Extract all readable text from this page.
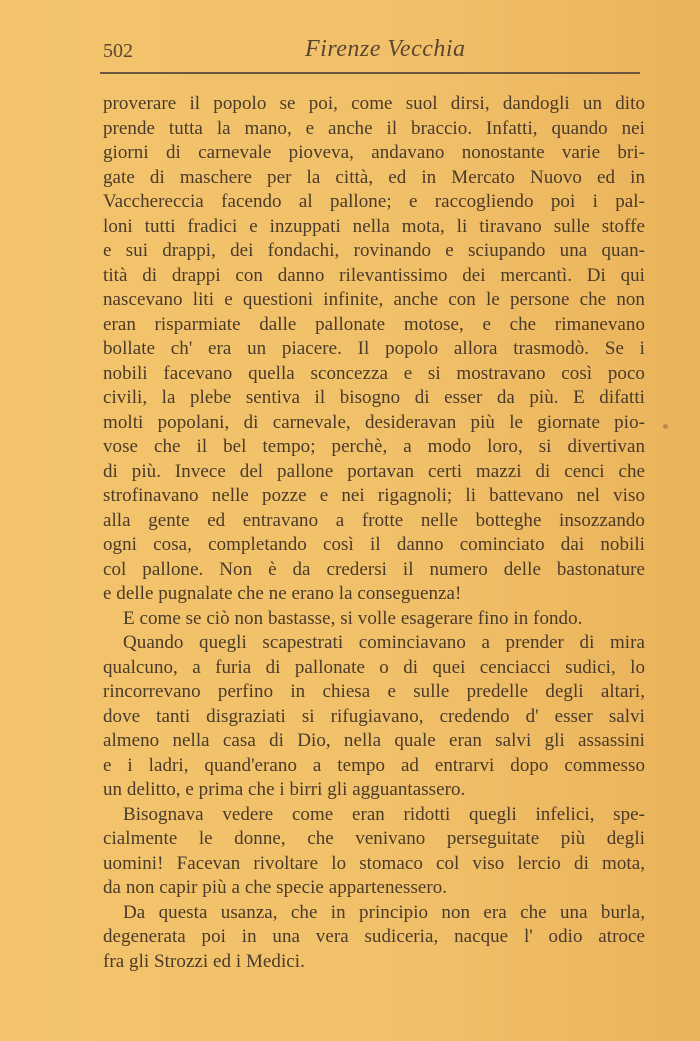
502	Firenze Vecchia
proverare il popolo se poi, come suol dirsi, dandogli un dito
prende tutta la mano, e anche il braccio. Infatti, quando nei
giorni di carnevale pioveva, andavano nonostante varie bri-
gate di maschere per la città, ed in Mercato Nuovo ed in
Vacchereccia facendo al pallone; e raccogliendo poi i pal-
loni tutti fradici e inzuppati nella mota, li tiravano sulle stoffe
e sui drappi, dei fondachi, rovinando e sciupando una quan-
tità di drappi con danno rilevantissimo dei mercantì. Di qui
nascevano liti e questioni infinite, anche con le persone che non
eran risparmiate dalle pallonate motose, e che rimanevano
bollate ch' era un piacere. Il popolo allora trasmodò. Se i
nobili facevano quella sconcezza e si mostravano così poco
civili, la plebe sentiva il bisogno di esser da più. E difatti
molti popolani, di carnevale, desideravan più le giornate pio-
vose che il bel tempo; perchè, a modo loro, si divertivan
di più. Invece del pallone portavan certi mazzi di cenci che
strofinavano nelle pozze e nei rigagnoli; li battevano nel viso
alla gente ed entravano a frotte nelle botteghe insozzando
ogni cosa, completando così il danno cominciato dai nobili
col pallone. Non è da credersi il numero delle bastonature
e delle pugnalate che ne erano la conseguenza!
E come se ciò non bastasse, si volle esagerare fino in fondo.
Quando quegli scapestrati cominciavano a prender di mira
qualcuno, a furia di pallonate o di quei cenciacci sudici, lo
rincorrevano perfino in chiesa e sulle predelle degli altari,
dove tanti disgraziati si rifugiavano, credendo d' esser salvi
almeno nella casa di Dio, nella quale eran salvi gli assassini
e i ladri, quand'erano a tempo ad entrarvi dopo commesso
un delitto, e prima che i birri gli agguantassero.
Bisognava vedere come eran ridotti quegli infelici, spe-
cialmente le donne, che venivano perseguitate più degli
uomini! Facevan rivoltare lo stomaco col viso lercio di mota,
da non capir più a che specie appartenessero.
Da questa usanza, che in principio non era che una burla,
degenerata poi in una vera sudiceria, nacque l' odio atroce
fra gli Strozzi ed i Medici.
